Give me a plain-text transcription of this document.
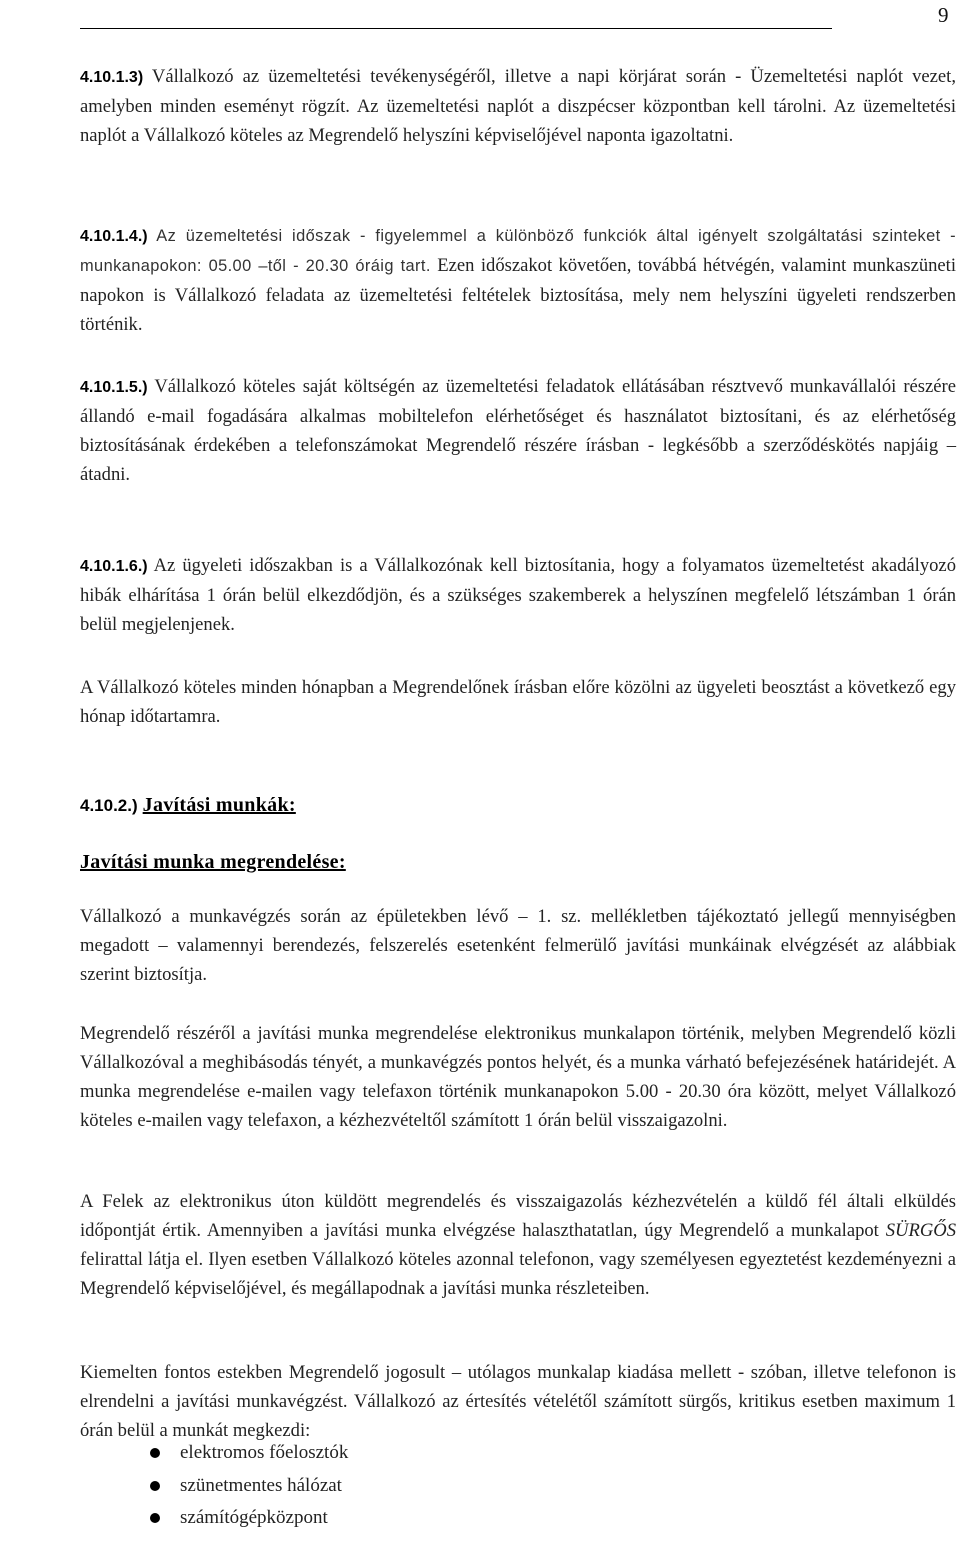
9
4.10.1.3) Vállalkozó az üzemeltetési tevékenységéről, illetve a napi körjárat során - Üzemeltetési naplót vezet, amelyben minden eseményt rögzít. Az üzemeltetési naplót a diszpécser központban kell tárolni. Az üzemeltetési naplót a Vállalkozó köteles az Megrendelő helyszíni képviselőjével naponta igazoltatni.
4.10.1.4.) Az üzemeltetési időszak - figyelemmel a különböző funkciók által igényelt szolgáltatási szinteket - munkanapokon: 05.00 –től - 20.30 óráig tart. Ezen időszakot követően, továbbá hétvégén, valamint munkaszüneti napokon is Vállalkozó feladata az üzemeltetési feltételek biztosítása, mely nem helyszíni ügyeleti rendszerben történik.
4.10.1.5.) Vállalkozó köteles saját költségén az üzemeltetési feladatok ellátásában résztvevő munkavállalói részére állandó e-mail fogadására alkalmas mobiltelefon elérhetőséget és használatot biztosítani, és az elérhetőség biztosításának érdekében a telefonszámokat Megrendelő részére írásban - legkésőbb a szerződéskötés napjáig – átadni.
4.10.1.6.) Az ügyeleti időszakban is a Vállalkozónak kell biztosítania, hogy a folyamatos üzemeltetést akadályozó hibák elhárítása 1 órán belül elkezdődjön, és a szükséges szakemberek a helyszínen megfelelő létszámban 1 órán belül megjelenjenek.
A Vállalkozó köteles minden hónapban a Megrendelőnek írásban előre közölni az ügyeleti beosztást a következő egy hónap időtartamra.
4.10.2.) Javítási munkák:
Javítási munka megrendelése:
Vállalkozó a munkavégzés során az épületekben lévő – 1. sz. mellékletben tájékoztató jellegű mennyiségben megadott – valamennyi berendezés, felszerelés esetenként felmerülő javítási munkáinak elvégzését az alábbiak szerint biztosítja.
Megrendelő részéről a javítási munka megrendelése elektronikus munkalapon történik, melyben Megrendelő közli Vállalkozóval a meghibásodás tényét, a munkavégzés pontos helyét, és a munka várható befejezésének határidejét. A munka megrendelése e-mailen vagy telefaxon történik munkanapokon 5.00 - 20.30 óra között, melyet Vállalkozó köteles e-mailen vagy telefaxon, a kézhezvételtől számított 1 órán belül visszaigazolni.
A Felek az elektronikus úton küldött megrendelés és visszaigazolás kézhezvételén a küldő fél általi elküldés időpontját értik. Amennyiben a javítási munka elvégzése halaszthatatlan, úgy Megrendelő a munkalapot SÜRGŐS felirattal látja el. Ilyen esetben Vállalkozó köteles azonnal telefonon, vagy személyesen egyeztetést kezdeményezni a Megrendelő képviselőjével, és megállapodnak a javítási munka részleteiben.
Kiemelten fontos estekben Megrendelő jogosult – utólagos munkalap kiadása mellett - szóban, illetve telefonon is elrendelni a javítási munkavégzést. Vállalkozó az értesítés vételétől számított sürgős, kritikus esetben maximum 1 órán belül a munkát megkezdi:
elektromos főelosztók
szünetmentes hálózat
számítógépközpont
